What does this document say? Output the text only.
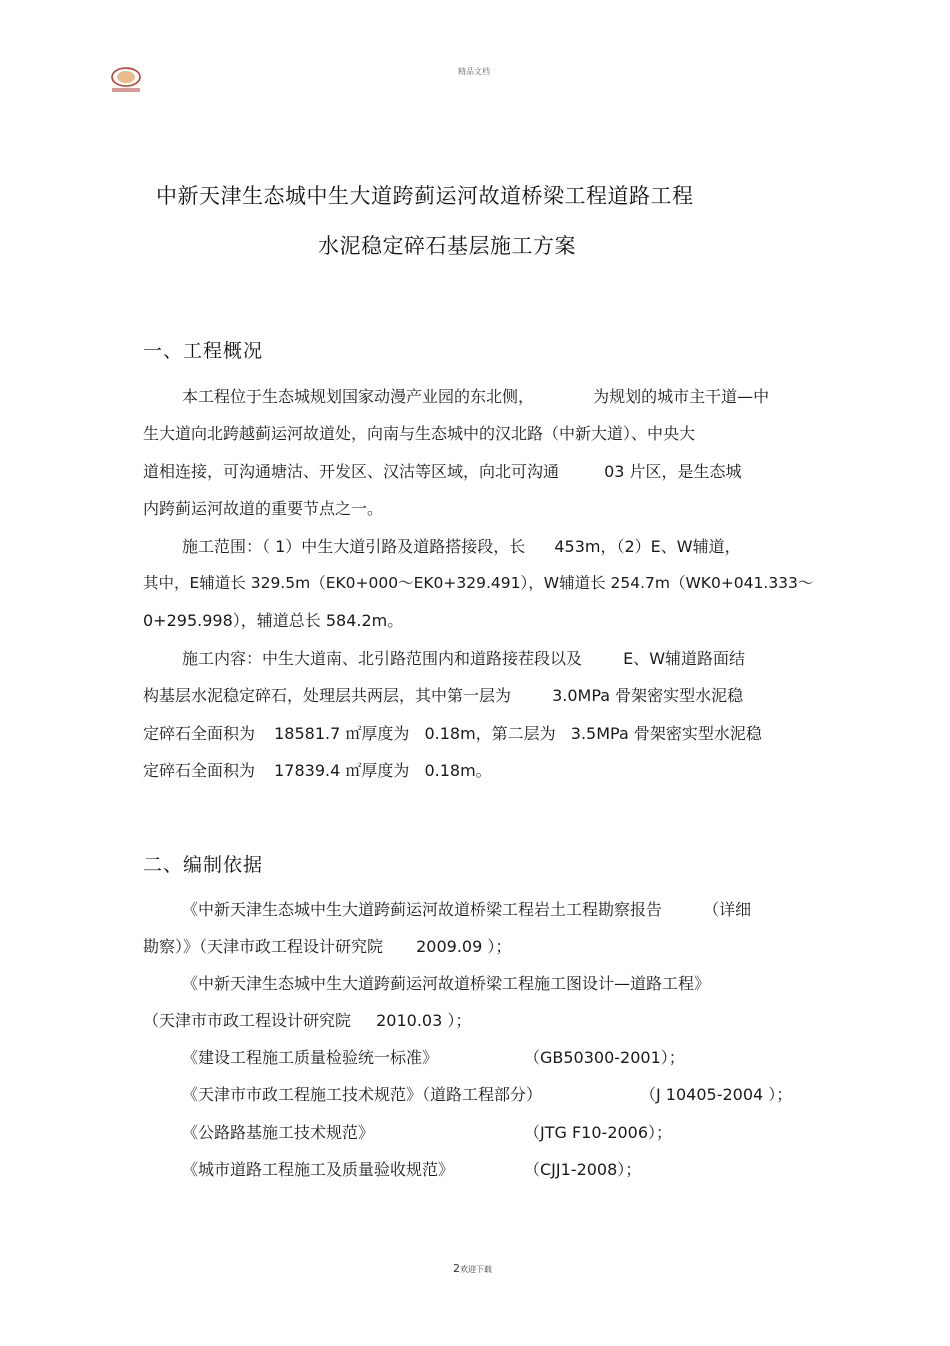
精品文档
中新天津生态城中生大道跨蓟运河故道桥梁工程道路工程
水泥稳定碎石基层施工方案
一、工程概况
本工程位于生态城规划国家动漫产业园的东北侧，	为规划的城市主干道—中
生大道向北跨越蓟运河故道处，向南与生态城中的汉北路（中新大道）、中央大
道相连接，可沟通塘沽、开发区、汉沽等区域，向北可沟通	03 片区，是生态城
内跨蓟运河故道的重要节点之一。
施工范围：（ 1）中生大道引路及道路搭接段，长 453m，（2）E、W辅道，
其中，E辅道长 329.5m（EK0+000～EK0+329.491），W辅道长 254.7m（WK0+041.333～
0+295.998），辅道总长 584.2m。
施工内容：中生大道南、北引路范围内和道路接茬段以及	E、W辅道路面结
构基层水泥稳定碎石，处理层共两层，其中第一层为	3.0MPa 骨架密实型水泥稳
定碎石全面积为 18581.7 ㎡厚度为 0.18m，第二层为 3.5MPa 骨架密实型水泥稳
定碎石全面积为 17839.4 ㎡厚度为 0.18m。
二、编制依据
《中新天津生态城中生大道跨蓟运河故道桥梁工程岩土工程勘察报告	（详细
勘察）》（天津市政工程设计研究院 2009.09 ）；
《中新天津生态城中生大道跨蓟运河故道桥梁工程施工图设计—道路工程》
（天津市市政工程设计研究院 2010.03 ）；
《建设工程施工质量检验统一标准》	（GB50300-2001）；
《天津市市政工程施工技术规范》（道路工程部分）	（J 10405-2004 ）；
《公路路基施工技术规范》	（JTG F10-2006）；
《城市道路工程施工及质量验收规范》	（CJJ1-2008）；
2欢迎下载
